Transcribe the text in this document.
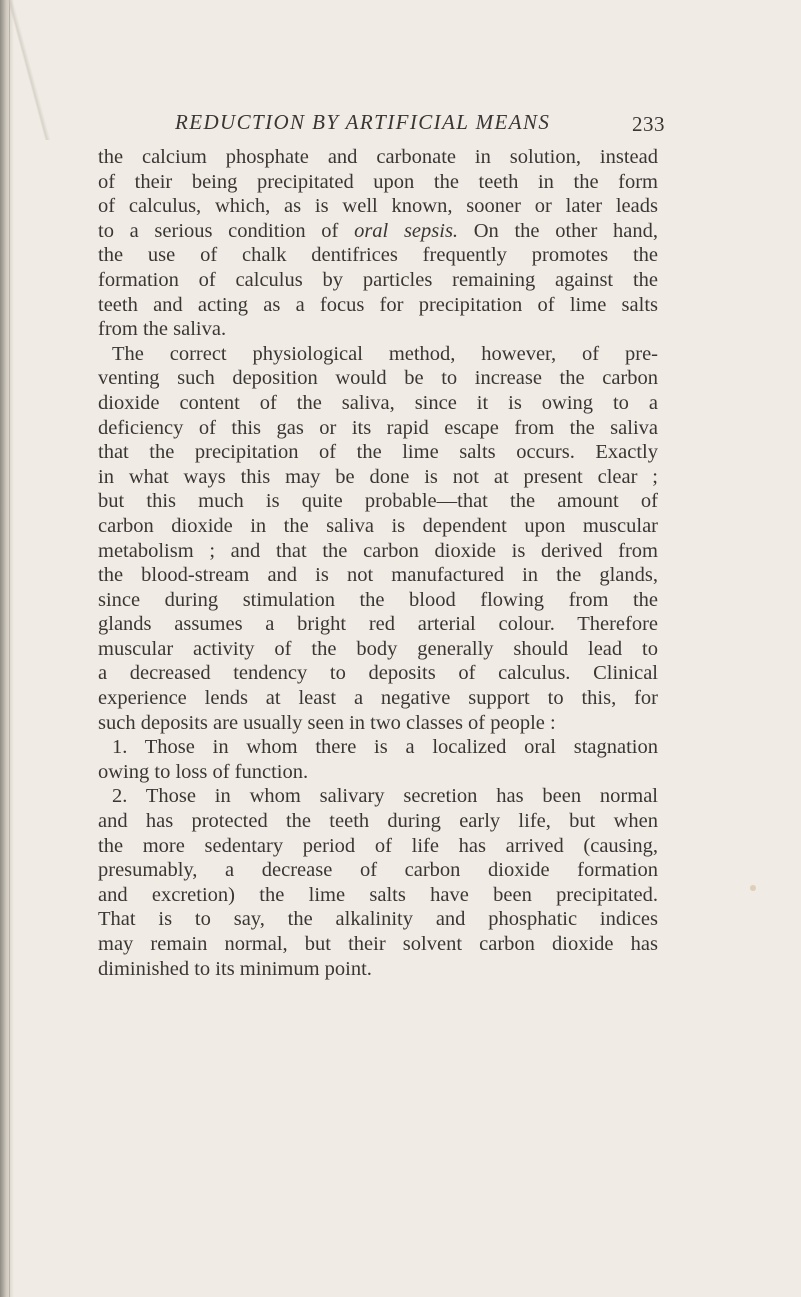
REDUCTION BY ARTIFICIAL MEANS	233
the calcium phosphate and carbonate in solution, instead
of their being precipitated upon the teeth in the form
of calculus, which, as is well known, sooner or later leads
to a serious condition of oral sepsis. On the other hand,
the use of chalk dentifrices frequently promotes the
formation of calculus by particles remaining against the
teeth and acting as a focus for precipitation of lime salts
from the saliva.
The correct physiological method, however, of pre-
venting such deposition would be to increase the carbon
dioxide content of the saliva, since it is owing to a
deficiency of this gas or its rapid escape from the saliva
that the precipitation of the lime salts occurs. Exactly
in what ways this may be done is not at present clear ;
but this much is quite probable—that the amount of
carbon dioxide in the saliva is dependent upon muscular
metabolism ; and that the carbon dioxide is derived from
the blood-stream and is not manufactured in the glands,
since during stimulation the blood flowing from the
glands assumes a bright red arterial colour. Therefore
muscular activity of the body generally should lead to
a decreased tendency to deposits of calculus. Clinical
experience lends at least a negative support to this, for
such deposits are usually seen in two classes of people :
1. Those in whom there is a localized oral stagnation
owing to loss of function.
2. Those in whom salivary secretion has been normal
and has protected the teeth during early life, but when
the more sedentary period of life has arrived (causing,
presumably, a decrease of carbon dioxide formation
and excretion) the lime salts have been precipitated.
That is to say, the alkalinity and phosphatic indices
may remain normal, but their solvent carbon dioxide has
diminished to its minimum point.
